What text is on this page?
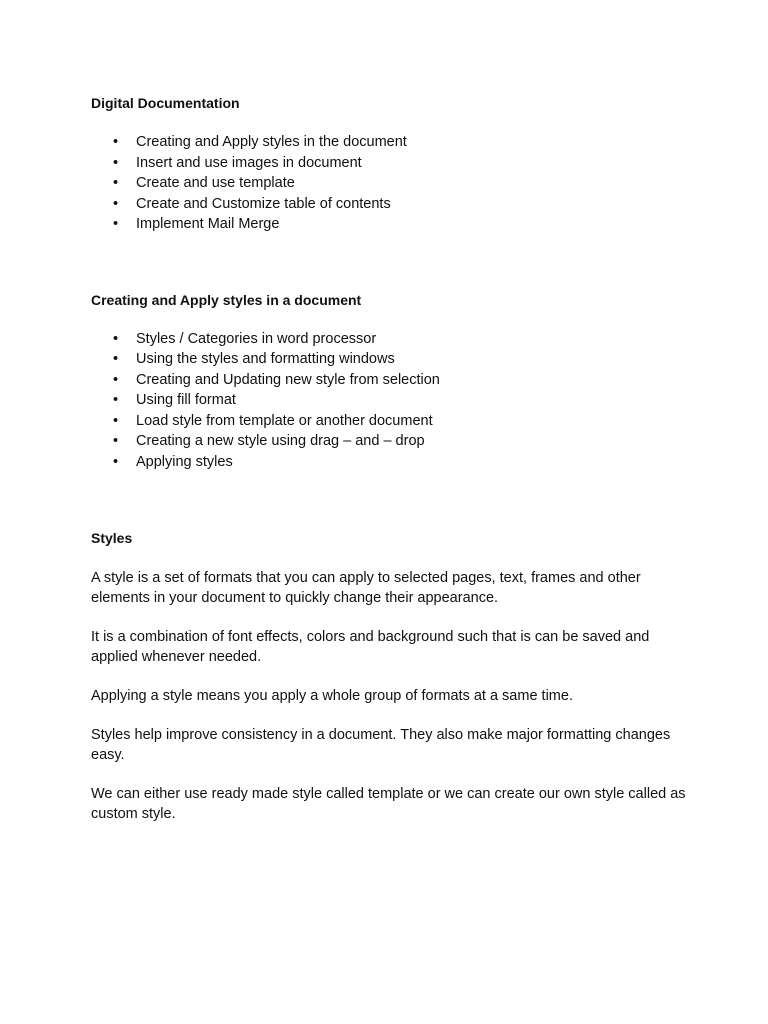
Digital Documentation
• Creating and Apply styles in the document
• Insert and use images in document
• Create and use template
• Create and Customize table of contents
• Implement Mail Merge
Creating and Apply styles in a document
• Styles / Categories in word processor
• Using the styles and formatting windows
• Creating and Updating new style from selection
• Using fill format
• Load style from template or another document
• Creating a new style using drag – and – drop
• Applying styles
Styles

A style is a set of formats that you can apply to selected pages, text, frames and other elements in your document to quickly change their appearance.

It is a combination of font effects, colors and background such that is can be saved and applied whenever needed.

Applying a style means you apply a whole group of formats at a same time.

Styles help improve consistency in a document. They also make major formatting changes easy.

We can either use ready made style called template or we can create our own style called as custom style.
